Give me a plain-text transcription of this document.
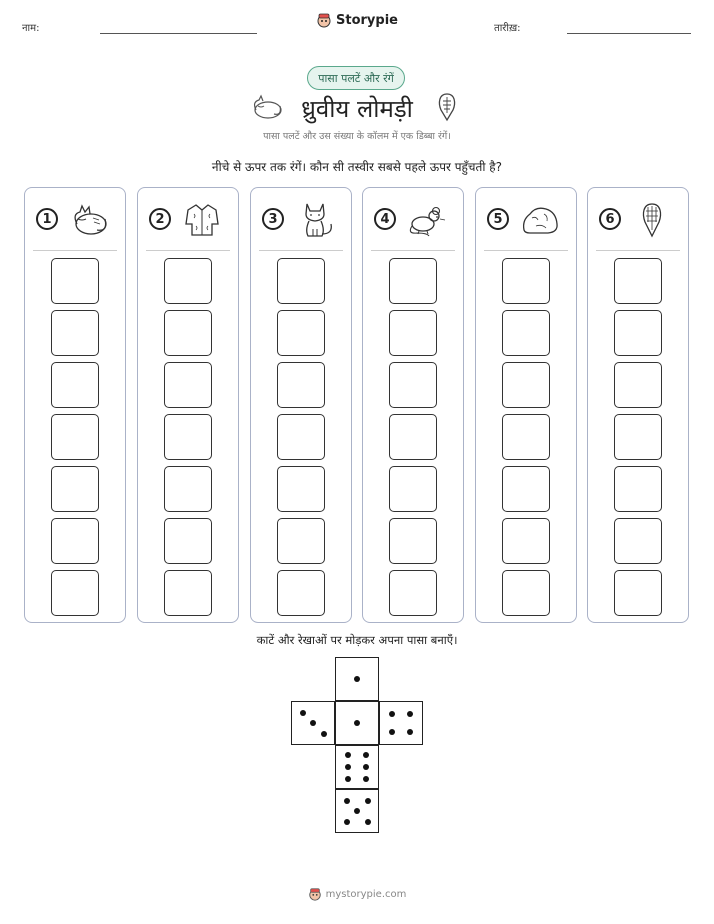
नाम:
Storypie
तारीख़:
पासा पलटें और रंगें
ध्रुवीय लोमड़ी
पासा पलटें और उस संख्या के कॉलम में एक डिब्बा रंगें।
नीचे से ऊपर तक रंगें। कौन सी तस्वीर सबसे पहले ऊपर पहुँचती है?
1	2	3	4	5	6
काटें और रेखाओं पर मोड़कर अपना पासा बनाएँ।
mystorypie.com
